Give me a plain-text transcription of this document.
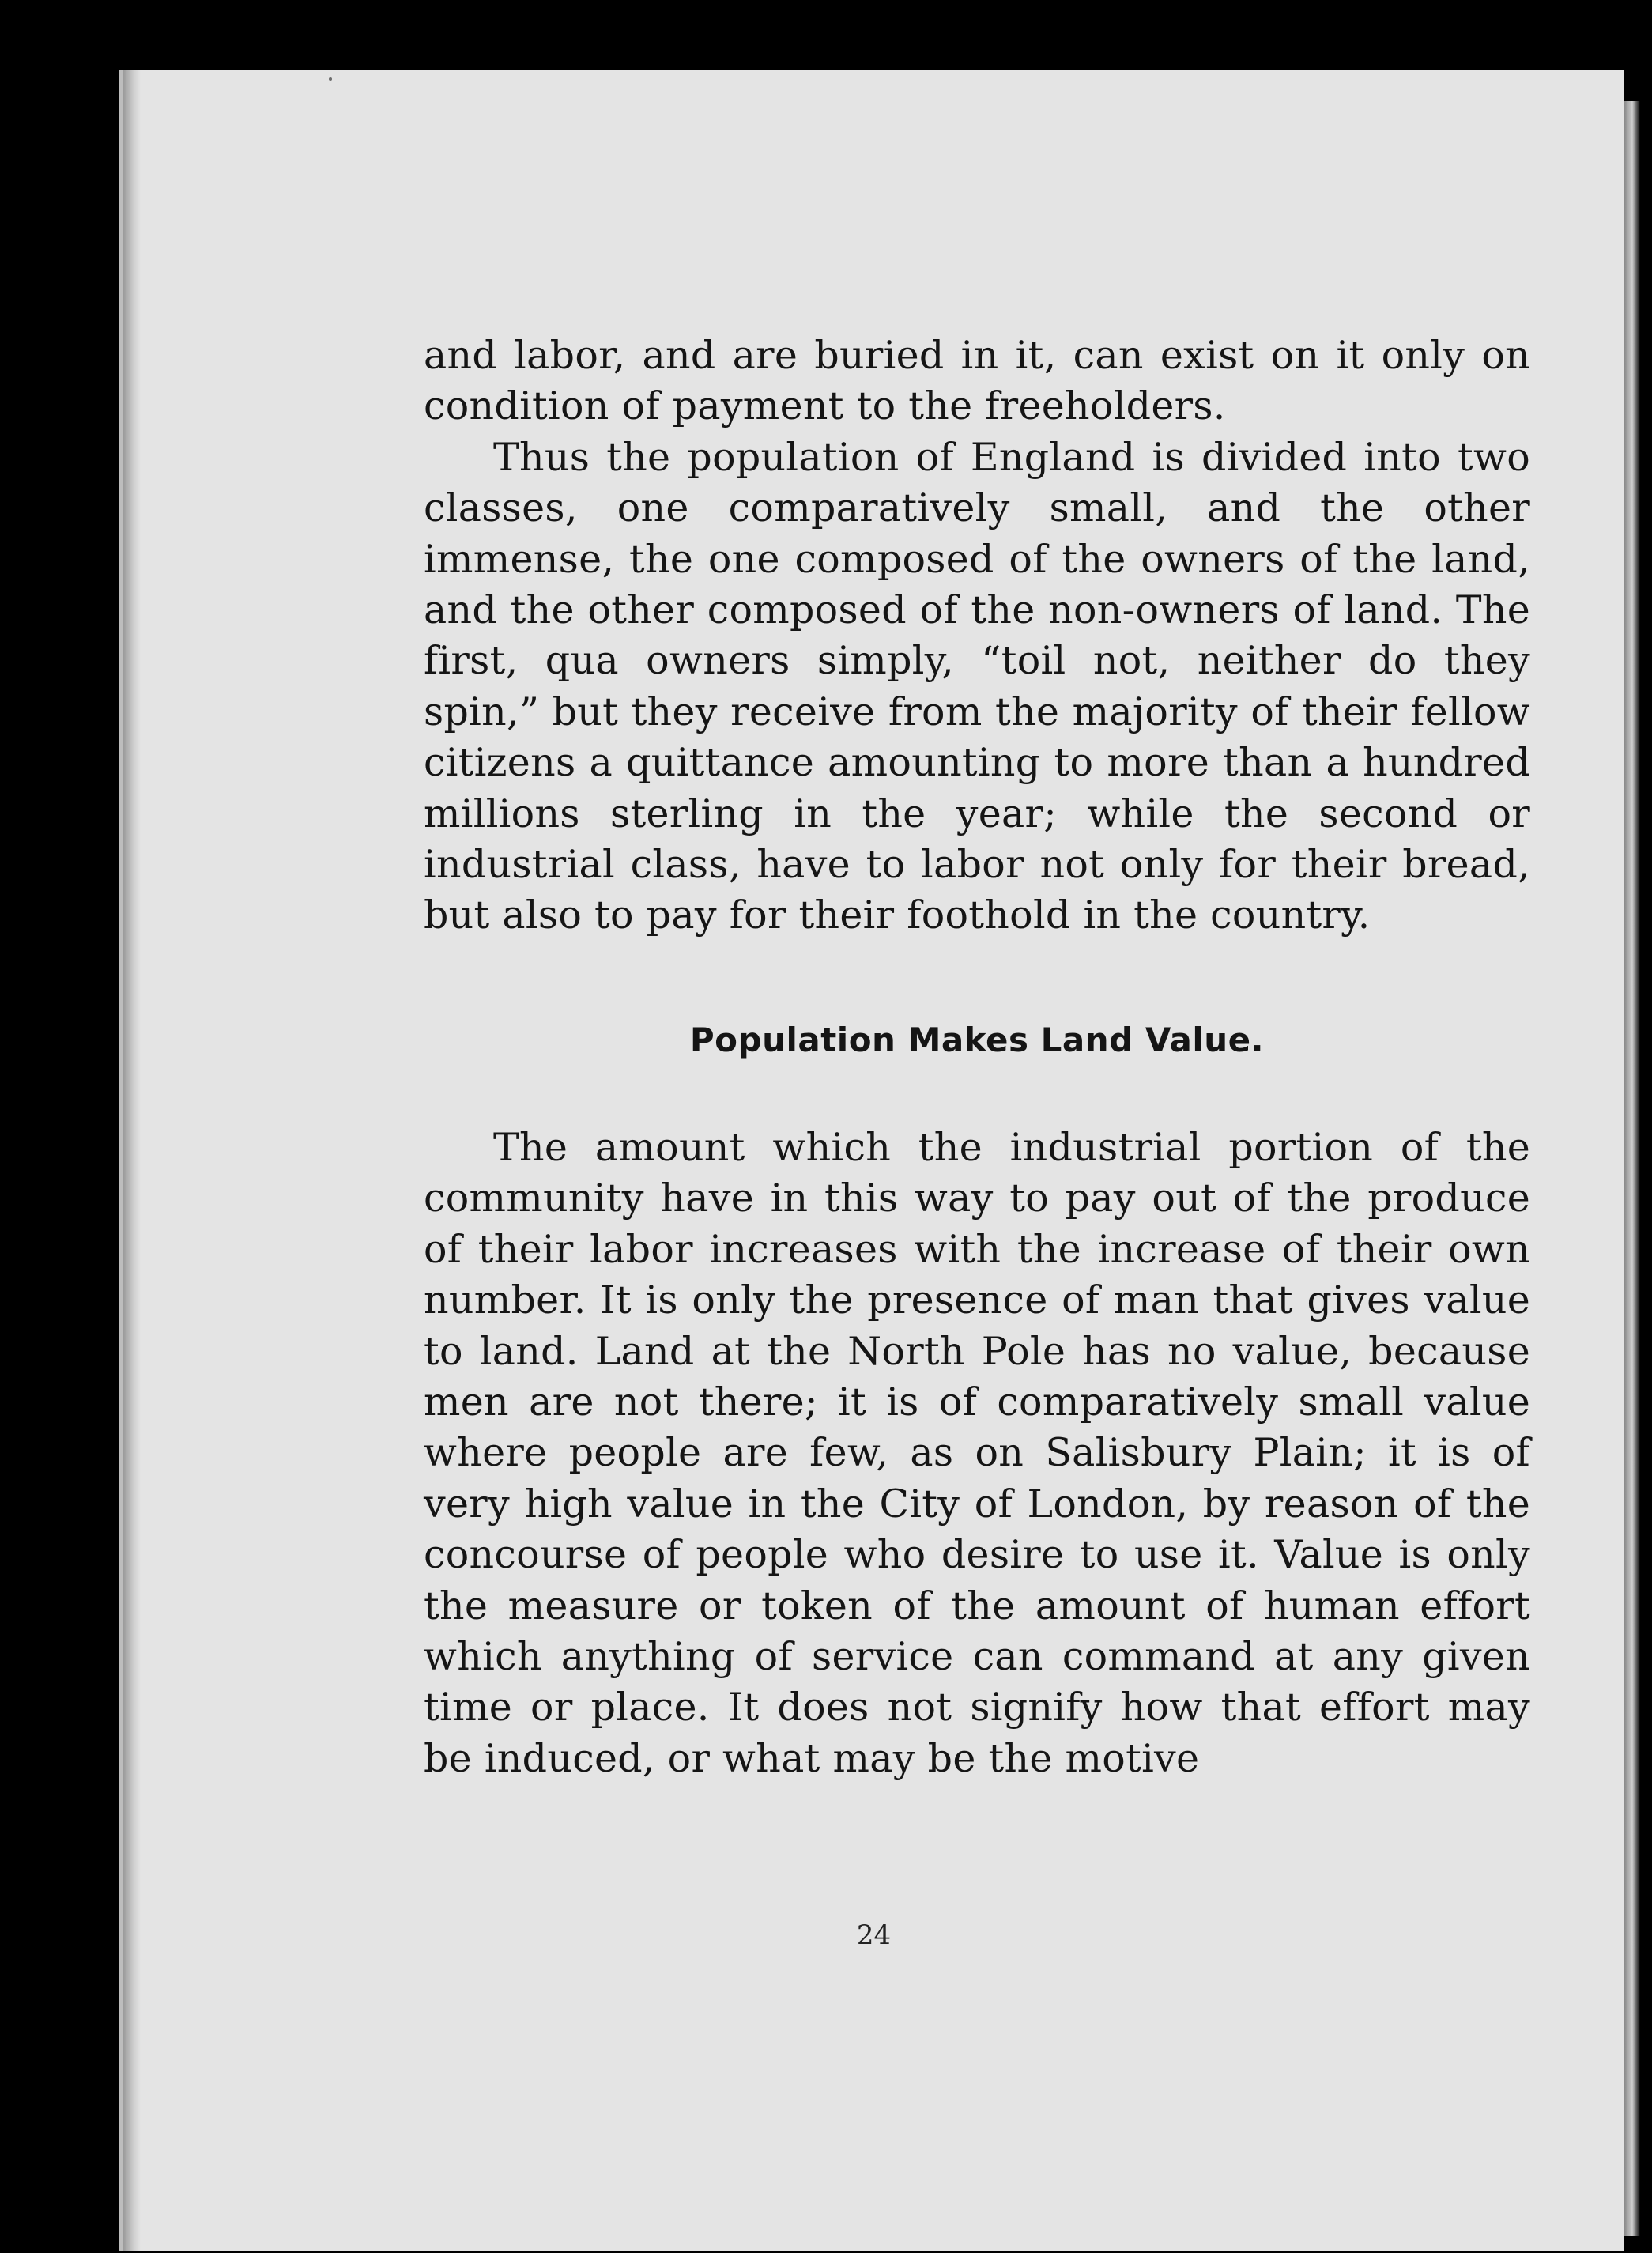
and labor, and are buried in it, can exist on it only on condition of payment to the freeholders.

Thus the population of England is divided into two classes, one comparatively small, and the other immense, the one composed of the owners of the land, and the other composed of the non-owners of land. The first, qua owners simply, “toil not, neither do they spin,” but they receive from the majority of their fellow citizens a quittance amounting to more than a hundred millions sterling in the year; while the second or industrial class, have to labor not only for their bread, but also to pay for their foothold in the country.

Population Makes Land Value.

The amount which the industrial portion of the community have in this way to pay out of the produce of their labor increases with the increase of their own number. It is only the presence of man that gives value to land. Land at the North Pole has no value, because men are not there; it is of comparatively small value where people are few, as on Salisbury Plain; it is of very high value in the City of London, by reason of the concourse of people who desire to use it. Value is only the measure or token of the amount of human effort which anything of service can command at any given time or place. It does not signify how that effort may be induced, or what may be the motive

24
